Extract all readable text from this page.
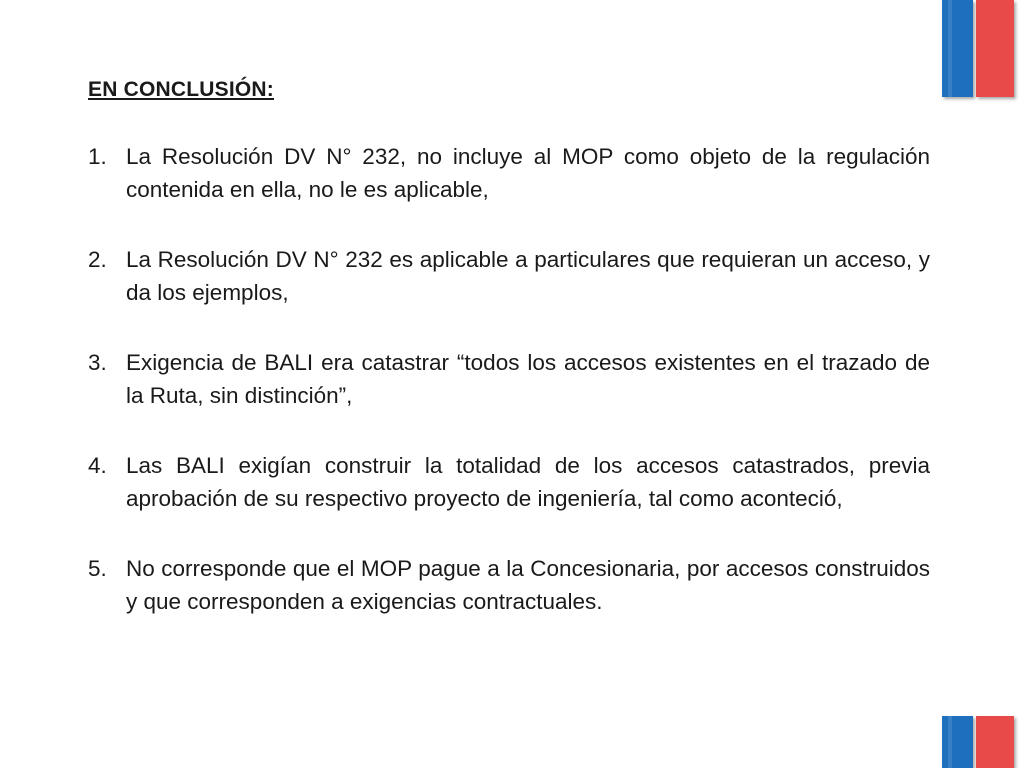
EN CONCLUSIÓN:
1. La Resolución DV N° 232, no incluye al MOP como objeto de la regulación contenida en ella, no le es aplicable,
2. La Resolución DV N° 232 es aplicable a particulares que requieran un acceso, y da los ejemplos,
3. Exigencia de BALI era catastrar “todos los accesos existentes en el trazado de la Ruta, sin distinción”,
4. Las BALI exigían construir la totalidad de los accesos catastrados, previa aprobación de su respectivo proyecto de ingeniería, tal como aconteció,
5. No corresponde que el MOP pague a la Concesionaria, por accesos construidos y que corresponden a exigencias contractuales.
